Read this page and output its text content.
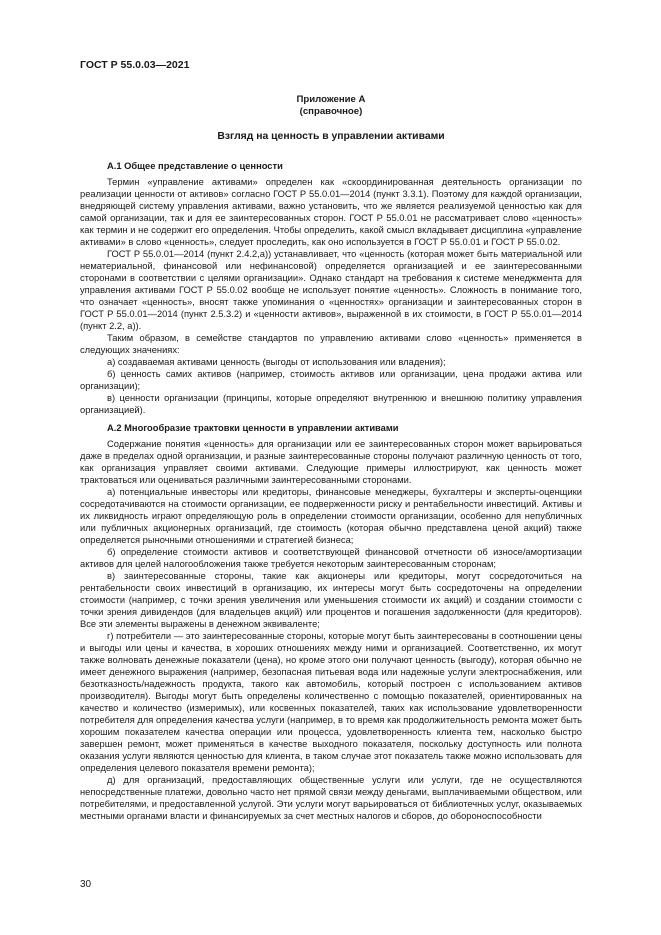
ГОСТ Р 55.0.03—2021
Приложение А
(справочное)
Взгляд на ценность в управлении активами

А.1 Общее представление о ценности

Термин «управление активами» определен как «скоординированная деятельность организации по реализации ценности от активов» согласно ГОСТ Р 55.0.01—2014 (пункт 3.3.1). Поэтому для каждой организации, внедряющей систему управления активами, важно установить, что же является реализуемой ценностью как для самой организации, так и для ее заинтересованных сторон. ГОСТ Р 55.0.01 не рассматривает слово «ценность» как термин и не содержит его определения. Чтобы определить, какой смысл вкладывает дисциплина «управление активами» в слово «ценность», следует проследить, как оно используется в ГОСТ Р 55.0.01 и ГОСТ Р 55.0.02.

ГОСТ Р 55.0.01—2014 (пункт 2.4.2,а)) устанавливает, что «ценность (которая может быть материальной или нематериальной, финансовой или нефинансовой) определяется организацией и ее заинтересованными сторонами в соответствии с целями организации». Однако стандарт на требования к системе менеджмента для управления активами ГОСТ Р 55.0.02 вообще не использует понятие «ценность». Сложность в понимание того, что означает «ценность», вносят также упоминания о «ценностях» организации и заинтересованных сторон в ГОСТ Р 55.0.01—2014 (пункт 2.5.3.2) и «ценности активов», выраженной в их стоимости, в ГОСТ Р 55.0.01—2014 (пункт 2.2, а)).

Таким образом, в семействе стандартов по управлению активами слово «ценность» применяется в следующих значениях:

а) создаваемая активами ценность (выгоды от использования или владения);

б) ценность самих активов (например, стоимость активов или организации, цена продажи актива или организации);

в) ценности организации (принципы, которые определяют внутреннюю и внешнюю политику управления организацией).

А.2 Многообразие трактовки ценности в управлении активами

Содержание понятия «ценность» для организации или ее заинтересованных сторон может варьироваться даже в пределах одной организации, и разные заинтересованные стороны получают различную ценность от того, как организация управляет своими активами. Следующие примеры иллюстрируют, как ценность может трактоваться или оцениваться различными заинтересованными сторонами.

а) потенциальные инвесторы или кредиторы, финансовые менеджеры, бухгалтеры и эксперты-оценщики сосредотачиваются на стоимости организации, ее подверженности риску и рентабельности инвестиций. Активы и их ликвидность играют определяющую роль в определении стоимости организации, особенно для непубличных или публичных акционерных организаций, где стоимость (которая обычно представлена ценой акций) также определяется рыночными отношениями и стратегией бизнеса;

б) определение стоимости активов и соответствующей финансовой отчетности об износе/амортизации активов для целей налогообложения также требуется некоторым заинтересованным сторонам;

в) заинтересованные стороны, такие как акционеры или кредиторы, могут сосредоточиться на рентабельности своих инвестиций в организацию, их интересы могут быть сосредоточены на определении стоимости (например, с точки зрения увеличения или уменьшения стоимости их акций) и создании стоимости с точки зрения дивидендов (для владельцев акций) или процентов и погашения задолженности (для кредиторов). Все эти элементы выражены в денежном эквиваленте;

г) потребители — это заинтересованные стороны, которые могут быть заинтересованы в соотношении цены и выгоды или цены и качества, в хороших отношениях между ними и организацией. Соответственно, их могут также волновать денежные показатели (цена), но кроме этого они получают ценность (выгоду), которая обычно не имеет денежного выражения (например, безопасная питьевая вода или надежные услуги электроснабжения, или безотказность/надежность продукта, такого как автомобиль, который построен с использованием активов производителя). Выгоды могут быть определены количественно с помощью показателей, ориентированных на качество и количество (измеримых), или косвенных показателей, таких как использование удовлетворенности потребителя для определения качества услуги (например, в то время как продолжительность ремонта может быть хорошим показателем качества операции или процесса, удовлетворенность клиента тем, насколько быстро завершен ремонт, может применяться в качестве выходного показателя, поскольку доступность или полнота оказания услуги являются ценностью для клиента, в таком случае этот показатель также можно использовать для определения целевого показателя времени ремонта);

д) для организаций, предоставляющих общественные услуги или услуги, где не осуществляются непосредственные платежи, довольно часто нет прямой связи между деньгами, выплачиваемыми обществом, или потребителями, и предоставленной услугой. Эти услуги могут варьироваться от библиотечных услуг, оказываемых местными органами власти и финансируемых за счет местных налогов и сборов, до обороноспособности

30
